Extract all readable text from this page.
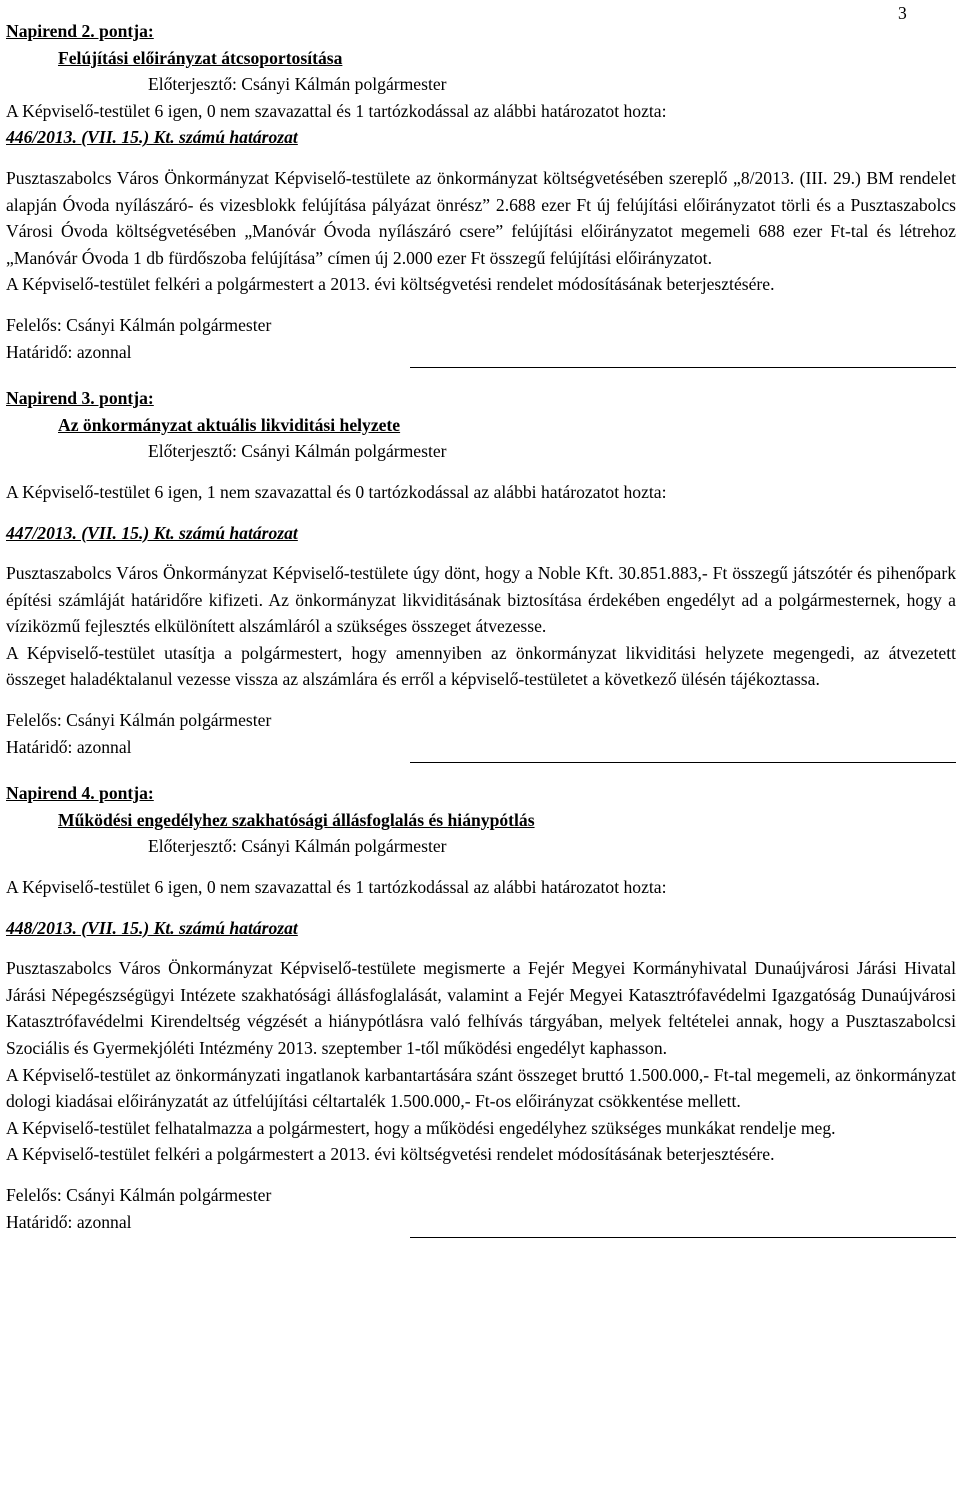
3
Napirend 2. pontja:
Felújítási előirányzat átcsoportosítása
Előterjesztő: Csányi Kálmán polgármester
A Képviselő-testület 6 igen, 0 nem szavazattal és 1 tartózkodással az alábbi határozatot hozta:
446/2013. (VII. 15.) Kt. számú határozat
Pusztaszabolcs Város Önkormányzat Képviselő-testülete az önkormányzat költségvetésében szereplő „8/2013. (III. 29.) BM rendelet alapján Óvoda nyílászáró- és vizesblokk felújítása pályázat önrész” 2.688 ezer Ft új felújítási előirányzatot törli és a Pusztaszabolcs Városi Óvoda költségvetésében „Manóvár Óvoda nyílászáró csere” felújítási előirányzatot megemeli 688 ezer Ft-tal és létrehoz „Manóvár Óvoda 1 db fürdőszoba felújítása” címen új 2.000 ezer Ft összegű felújítási előirányzatot.
A Képviselő-testület felkéri a polgármestert a 2013. évi költségvetési rendelet módosításának beterjesztésére.
Felelős: Csányi Kálmán polgármester
Határidő: azonnal
Napirend 3. pontja:
Az önkormányzat aktuális likviditási helyzete
Előterjesztő: Csányi Kálmán polgármester
A Képviselő-testület 6 igen, 1 nem szavazattal és 0 tartózkodással az alábbi határozatot hozta:
447/2013. (VII. 15.) Kt. számú határozat
Pusztaszabolcs Város Önkormányzat Képviselő-testülete úgy dönt, hogy a Noble Kft. 30.851.883,- Ft összegű játszótér és pihenőpark építési számláját határidőre kifizeti. Az önkormányzat likviditásának biztosítása érdekében engedélyt ad a polgármesternek, hogy a víziközmű fejlesztés elkülönített alszámláról a szükséges összeget átvezesse.
A Képviselő-testület utasítja a polgármestert, hogy amennyiben az önkormányzat likviditási helyzete megengedi, az átvezetett összeget haladéktalanul vezesse vissza az alszámlára és erről a képviselő-testületet a következő ülésén tájékoztassa.
Felelős: Csányi Kálmán polgármester
Határidő: azonnal
Napirend 4. pontja:
Működési engedélyhez szakhatósági állásfoglalás és hiánypótlás
Előterjesztő: Csányi Kálmán polgármester
A Képviselő-testület 6 igen, 0 nem szavazattal és 1 tartózkodással az alábbi határozatot hozta:
448/2013. (VII. 15.) Kt. számú határozat
Pusztaszabolcs Város Önkormányzat Képviselő-testülete megismerte a Fejér Megyei Kormányhivatal Dunaújvárosi Járási Hivatal Járási Népegészségügyi Intézete szakhatósági állásfoglalását, valamint a Fejér Megyei Katasztrófavédelmi Igazgatóság Dunaújvárosi Katasztrófavédelmi Kirendeltség végzését a hiánypótlásra való felhívás tárgyában, melyek feltételei annak, hogy a Pusztaszabolcsi Szociális és Gyermekjóléti Intézmény 2013. szeptember 1-től működési engedélyt kaphasson.
A Képviselő-testület az önkormányzati ingatlanok karbantartására szánt összeget bruttó 1.500.000,- Ft-tal megemeli, az önkormányzat dologi kiadásai előirányzatát az útfelújítási céltartalék 1.500.000,- Ft-os előirányzat csökkentése mellett.
A Képviselő-testület felhatalmazza a polgármestert, hogy a működési engedélyhez szükséges munkákat rendelje meg.
A Képviselő-testület felkéri a polgármestert a 2013. évi költségvetési rendelet módosításának beterjesztésére.
Felelős: Csányi Kálmán polgármester
Határidő: azonnal
